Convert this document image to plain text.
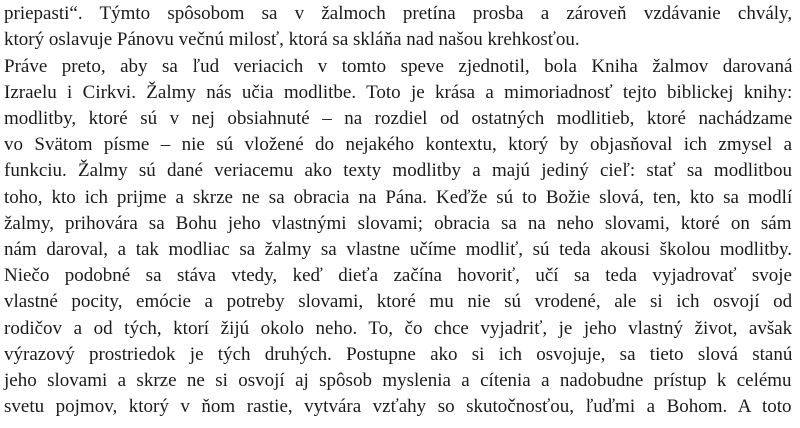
priepasti“. Týmto spôsobom sa v žalmoch pretína prosba a zároveň vzdávanie chvály,
ktorý oslavuje Pánovu večnú milosť, ktorá sa skláňa nad našou krehkosťou.
Práve preto, aby sa ľud veriacich v tomto speve zjednotil, bola Kniha žalmov darovaná
Izraelu i Cirkvi. Žalmy nás učia modlitbe. Toto je krása a mimoriadnosť tejto biblickej knihy:
modlitby, ktoré sú v nej obsiahnuté – na rozdiel od ostatných modlitieb, ktoré nachádzame
vo Svätom písme – nie sú vložené do nejakého kontextu, ktorý by objasňoval ich zmysel a
funkciu. Žalmy sú dané veriacemu ako texty modlitby a majú jediný cieľ: stať sa modlitbou
toho, kto ich prijme a skrze ne sa obracia na Pána. Keďže sú to Božie slová, ten, kto sa modlí
žalmy, prihovára sa Bohu jeho vlastnými slovami; obracia sa na neho slovami, ktoré on sám
nám daroval, a tak modliac sa žalmy sa vlastne učíme modliť, sú teda akousi školou modlitby.
Niečo podobné sa stáva vtedy, keď dieťa začína hovoriť, učí sa teda vyjadrovať svoje
vlastné pocity, emócie a potreby slovami, ktoré mu nie sú vrodené, ale si ich osvojí od
rodičov a od tých, ktorí žijú okolo neho. To, čo chce vyjadriť, je jeho vlastný život, avšak
výrazový prostriedok je tých druhých. Postupne ako si ich osvojuje, sa tieto slová stanú
jeho slovami a skrze ne si osvojí aj spôsob myslenia a cítenia a nadobudne prístup k celému
svetu pojmov, ktorý v ňom rastie, vytvára vzťahy so skutočnosťou, ľuďmi a Bohom. A toto
